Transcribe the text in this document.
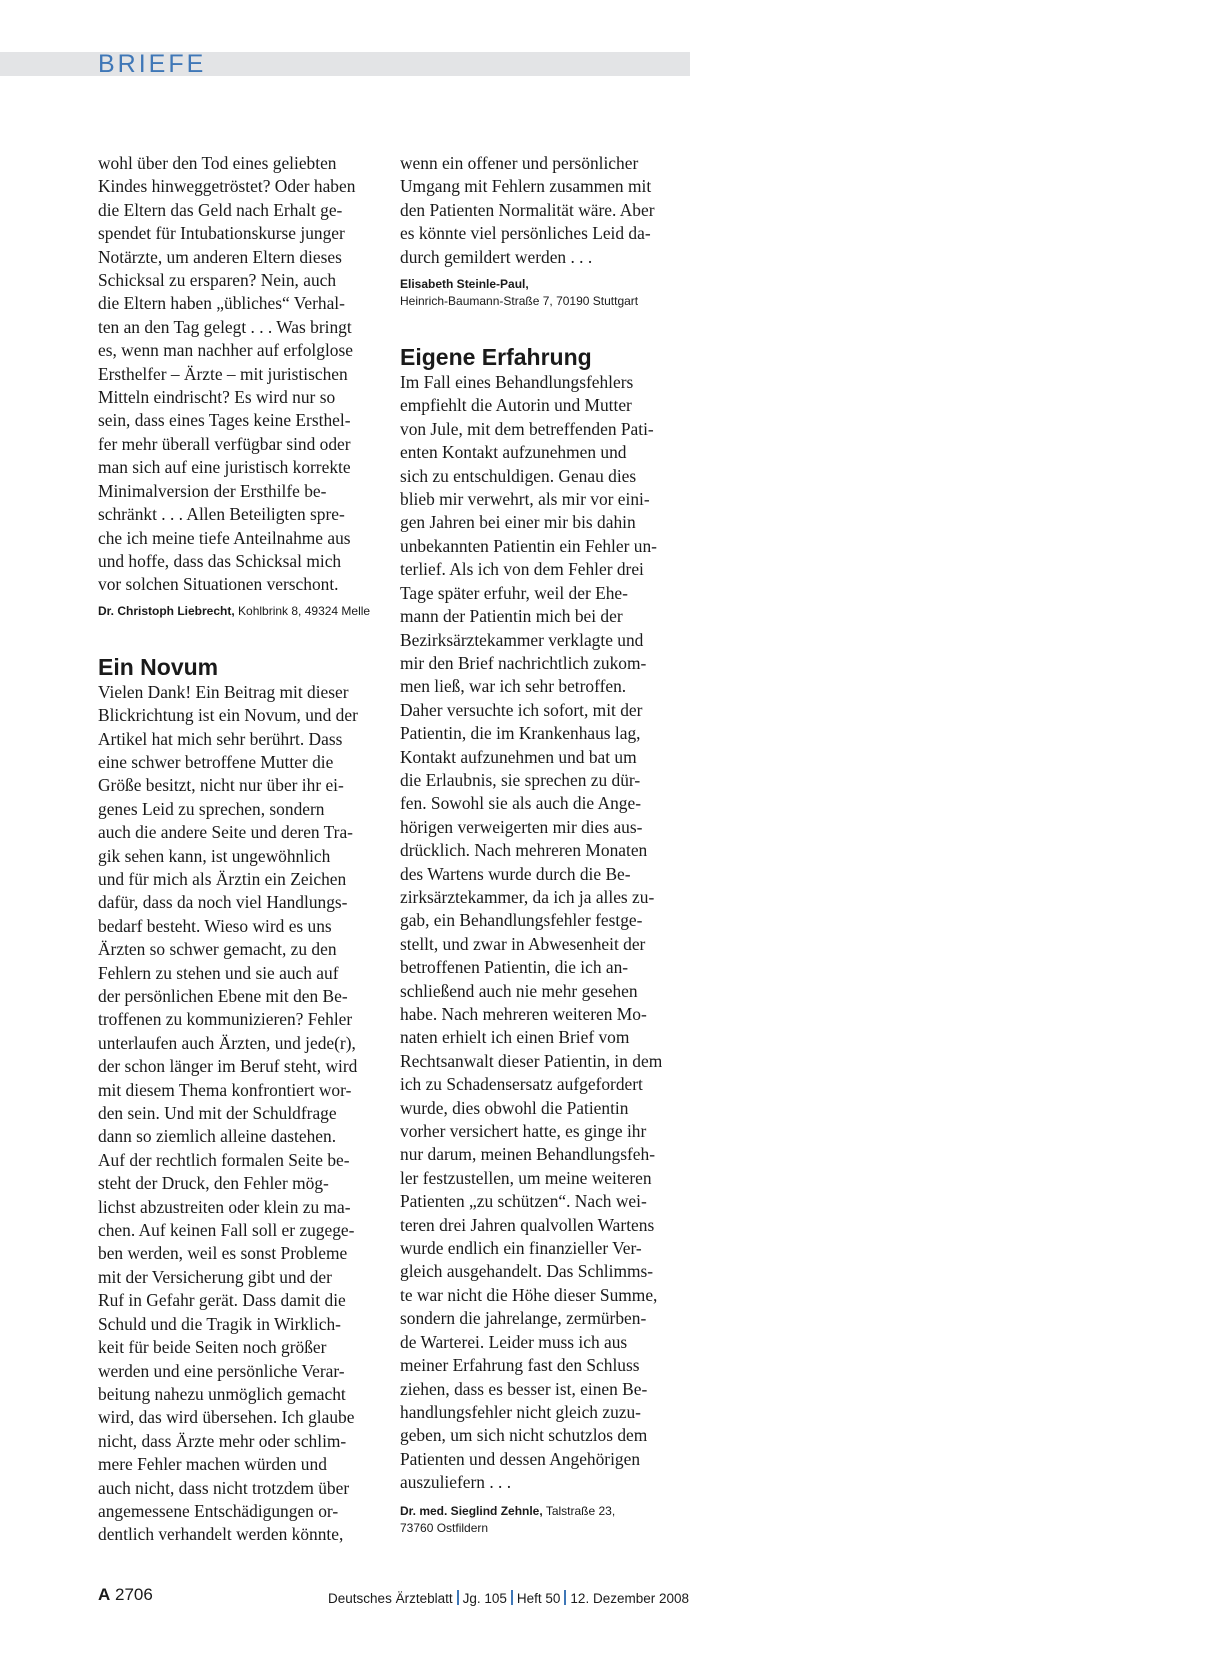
BRIEFE
wohl über den Tod eines geliebten
Kindes hinweggetröstet? Oder haben
die Eltern das Geld nach Erhalt ge-
spendet für Intubationskurse junger
Notärzte, um anderen Eltern dieses
Schicksal zu ersparen? Nein, auch
die Eltern haben „übliches“ Verhal-
ten an den Tag gelegt . . . Was bringt
es, wenn man nachher auf erfolglose
Ersthelfer – Ärzte – mit juristischen
Mitteln eindrischt? Es wird nur so
sein, dass eines Tages keine Ersthel-
fer mehr überall verfügbar sind oder
man sich auf eine juristisch korrekte
Minimalversion der Ersthilfe be-
schränkt . . . Allen Beteiligten spre-
che ich meine tiefe Anteilnahme aus
und hoffe, dass das Schicksal mich
vor solchen Situationen verschont.
Dr. Christoph Liebrecht, Kohlbrink 8, 49324 Melle
Ein Novum
Vielen Dank! Ein Beitrag mit dieser
Blickrichtung ist ein Novum, und der
Artikel hat mich sehr berührt. Dass
eine schwer betroffene Mutter die
Größe besitzt, nicht nur über ihr ei-
genes Leid zu sprechen, sondern
auch die andere Seite und deren Tra-
gik sehen kann, ist ungewöhnlich
und für mich als Ärztin ein Zeichen
dafür, dass da noch viel Handlungs-
bedarf besteht. Wieso wird es uns
Ärzten so schwer gemacht, zu den
Fehlern zu stehen und sie auch auf
der persönlichen Ebene mit den Be-
troffenen zu kommunizieren? Fehler
unterlaufen auch Ärzten, und jede(r),
der schon länger im Beruf steht, wird
mit diesem Thema konfrontiert wor-
den sein. Und mit der Schuldfrage
dann so ziemlich alleine dastehen.
Auf der rechtlich formalen Seite be-
steht der Druck, den Fehler mög-
lichst abzustreiten oder klein zu ma-
chen. Auf keinen Fall soll er zugege-
ben werden, weil es sonst Probleme
mit der Versicherung gibt und der
Ruf in Gefahr gerät. Dass damit die
Schuld und die Tragik in Wirklich-
keit für beide Seiten noch größer
werden und eine persönliche Verar-
beitung nahezu unmöglich gemacht
wird, das wird übersehen. Ich glaube
nicht, dass Ärzte mehr oder schlim-
mere Fehler machen würden und
auch nicht, dass nicht trotzdem über
angemessene Entschädigungen or-
dentlich verhandelt werden könnte,
wenn ein offener und persönlicher
Umgang mit Fehlern zusammen mit
den Patienten Normalität wäre. Aber
es könnte viel persönliches Leid da-
durch gemildert werden . . .
Elisabeth Steinle-Paul,
Heinrich-Baumann-Straße 7, 70190 Stuttgart
Eigene Erfahrung
Im Fall eines Behandlungsfehlers
empfiehlt die Autorin und Mutter
von Jule, mit dem betreffenden Pati-
enten Kontakt aufzunehmen und
sich zu entschuldigen. Genau dies
blieb mir verwehrt, als mir vor eini-
gen Jahren bei einer mir bis dahin
unbekannten Patientin ein Fehler un-
terlief. Als ich von dem Fehler drei
Tage später erfuhr, weil der Ehe-
mann der Patientin mich bei der
Bezirksärztekammer verklagte und
mir den Brief nachrichtlich zukom-
men ließ, war ich sehr betroffen.
Daher versuchte ich sofort, mit der
Patientin, die im Krankenhaus lag,
Kontakt aufzunehmen und bat um
die Erlaubnis, sie sprechen zu dür-
fen. Sowohl sie als auch die Ange-
hörigen verweigerten mir dies aus-
drücklich. Nach mehreren Monaten
des Wartens wurde durch die Be-
zirksärztekammer, da ich ja alles zu-
gab, ein Behandlungsfehler festge-
stellt, und zwar in Abwesenheit der
betroffenen Patientin, die ich an-
schließend auch nie mehr gesehen
habe. Nach mehreren weiteren Mo-
naten erhielt ich einen Brief vom
Rechtsanwalt dieser Patientin, in dem
ich zu Schadensersatz aufgefordert
wurde, dies obwohl die Patientin
vorher versichert hatte, es ginge ihr
nur darum, meinen Behandlungsfeh-
ler festzustellen, um meine weiteren
Patienten „zu schützen“. Nach wei-
teren drei Jahren qualvollen Wartens
wurde endlich ein finanzieller Ver-
gleich ausgehandelt. Das Schlimms-
te war nicht die Höhe dieser Summe,
sondern die jahrelange, zermürben-
de Warterei. Leider muss ich aus
meiner Erfahrung fast den Schluss
ziehen, dass es besser ist, einen Be-
handlungsfehler nicht gleich zuzu-
geben, um sich nicht schutzlos dem
Patienten und dessen Angehörigen
auszuliefern . . .
Dr. med. Sieglind Zehnle, Talstraße 23,
73760 Ostfildern
A 2706	Deutsches Ärzteblatt Jg. 105 Heft 50 12. Dezember 2008
